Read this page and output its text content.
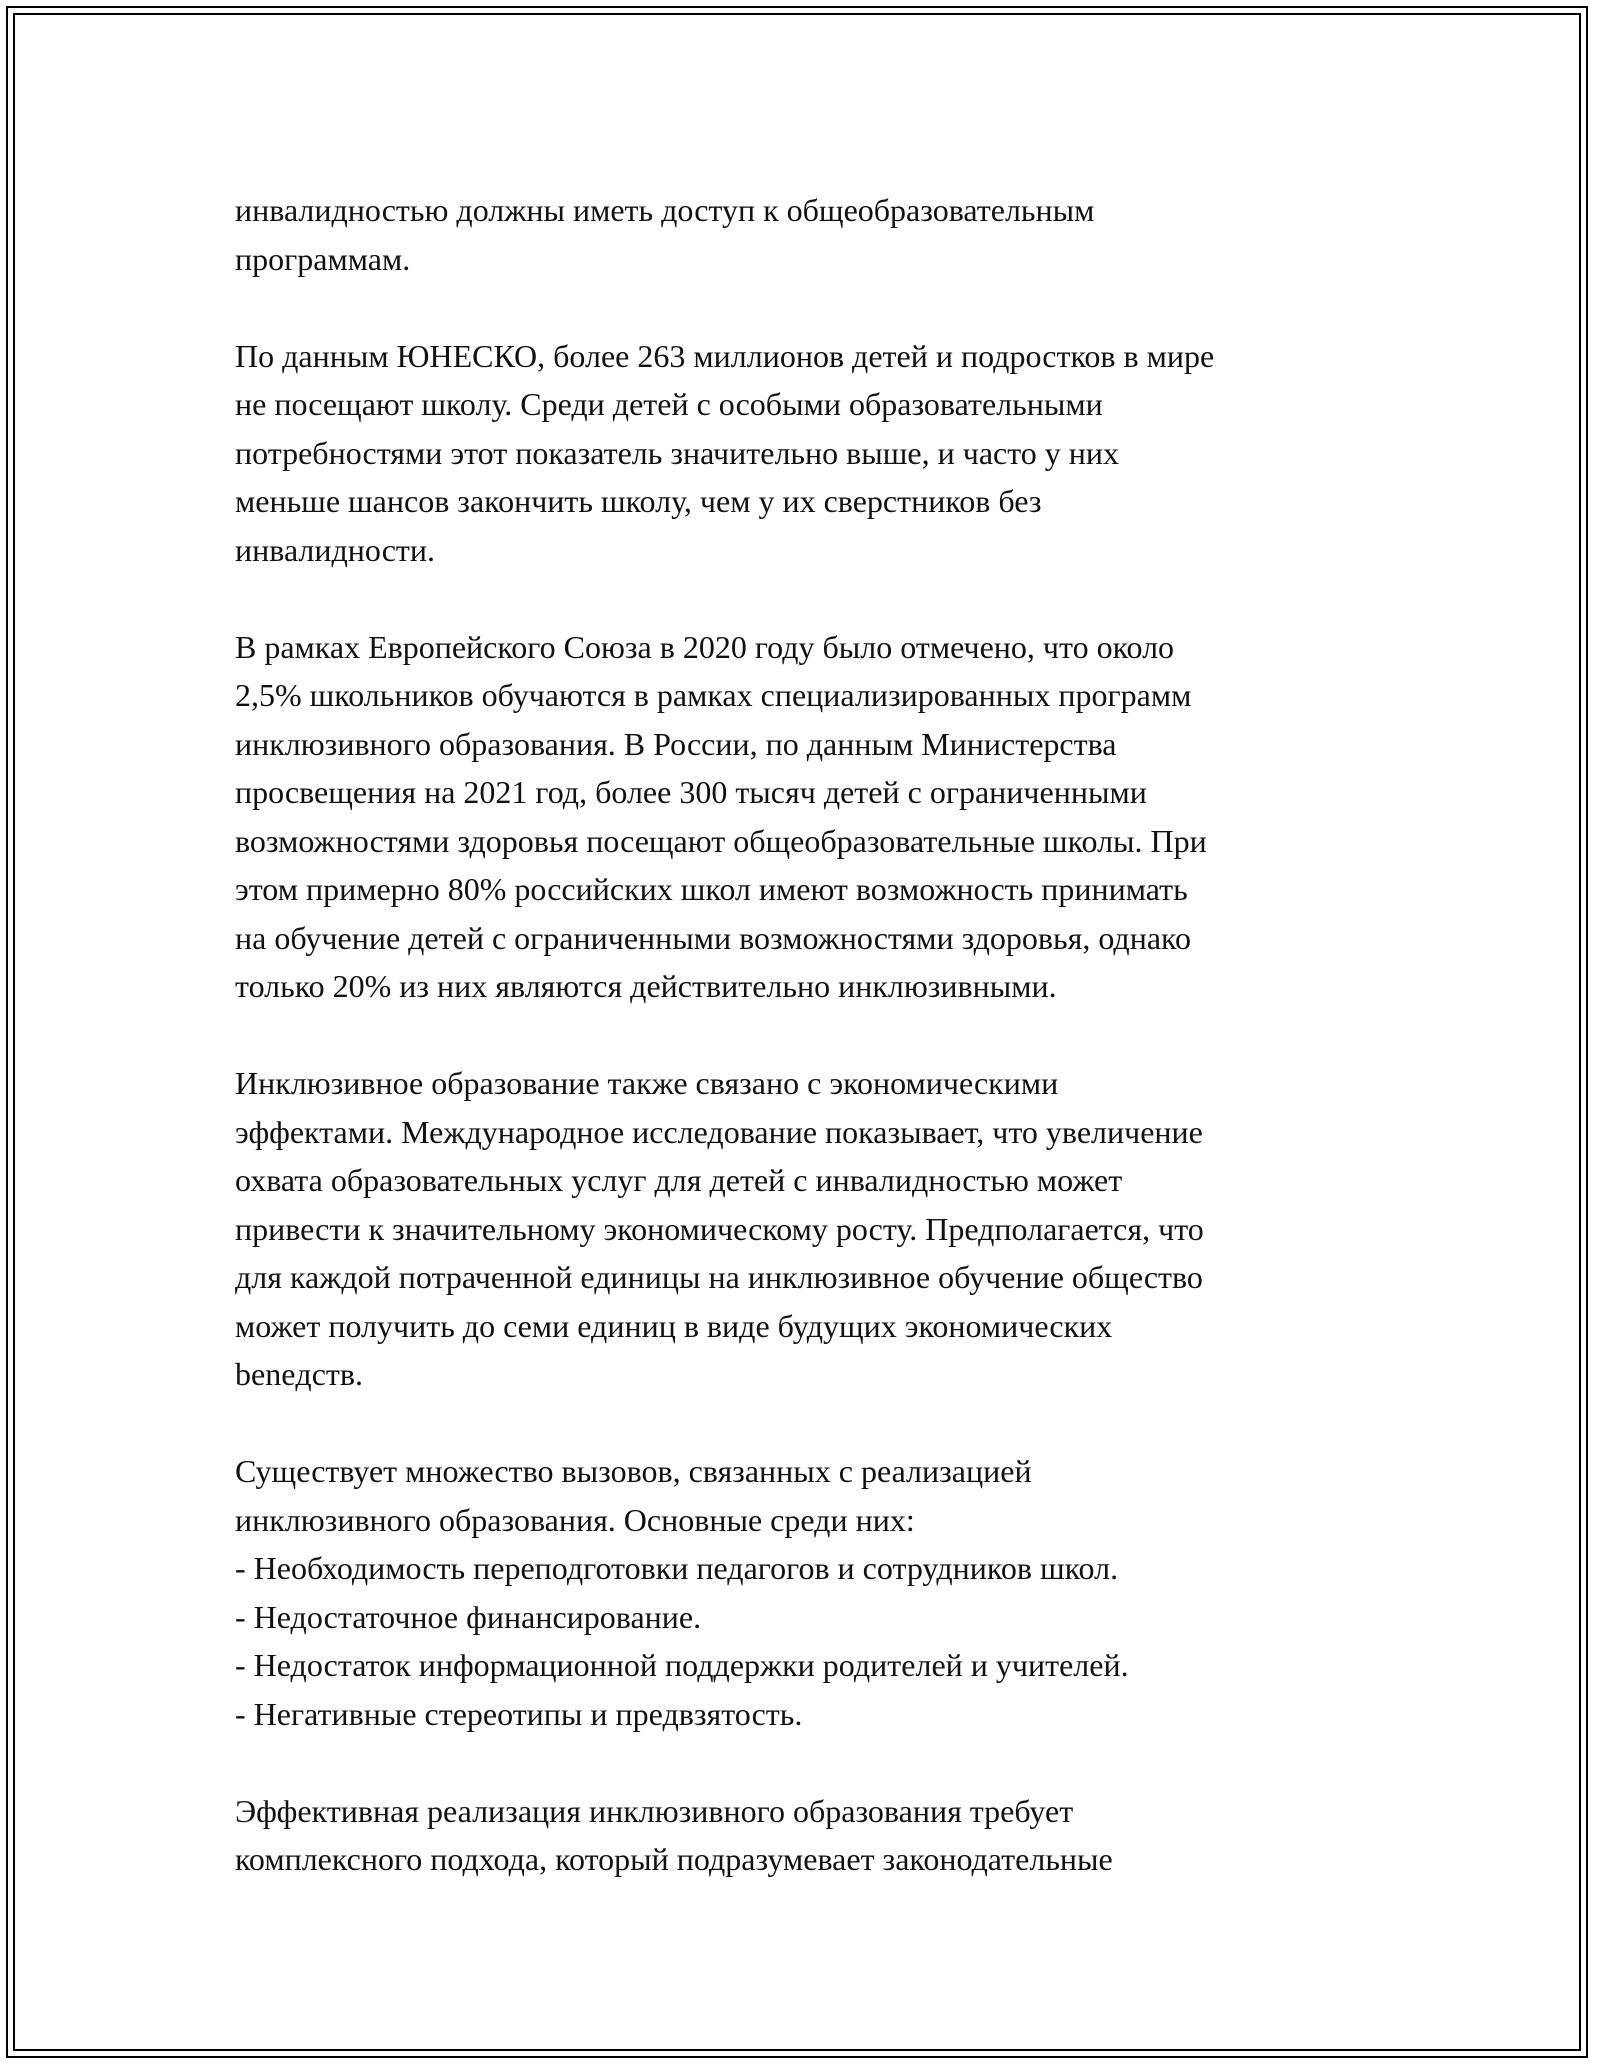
инвалидностью должны иметь доступ к общеобразовательным
программам.

По данным ЮНЕСКО, более 263 миллионов детей и подростков в мире
не посещают школу. Среди детей с особыми образовательными
потребностями этот показатель значительно выше, и часто у них
меньше шансов закончить школу, чем у их сверстников без
инвалидности.

В рамках Европейского Союза в 2020 году было отмечено, что около
2,5% школьников обучаются в рамках специализированных программ
инклюзивного образования. В России, по данным Министерства
просвещения на 2021 год, более 300 тысяч детей с ограниченными
возможностями здоровья посещают общеобразовательные школы. При
этом примерно 80% российских школ имеют возможность принимать
на обучение детей с ограниченными возможностями здоровья, однако
только 20% из них являются действительно инклюзивными.

Инклюзивное образование также связано с экономическими
эффектами. Международное исследование показывает, что увеличение
охвата образовательных услуг для детей с инвалидностью может
привести к значительному экономическому росту. Предполагается, что
для каждой потраченной единицы на инклюзивное обучение общество
может получить до семи единиц в виде будущих экономических
beneдств.

Существует множество вызовов, связанных с реализацией
инклюзивного образования. Основные среди них:
- Необходимость переподготовки педагогов и сотрудников школ.
- Недостаточное финансирование.
- Недостаток информационной поддержки родителей и учителей.
- Негативные стереотипы и предвзятость.

Эффективная реализация инклюзивного образования требует
комплексного подхода, который подразумевает законодательные
